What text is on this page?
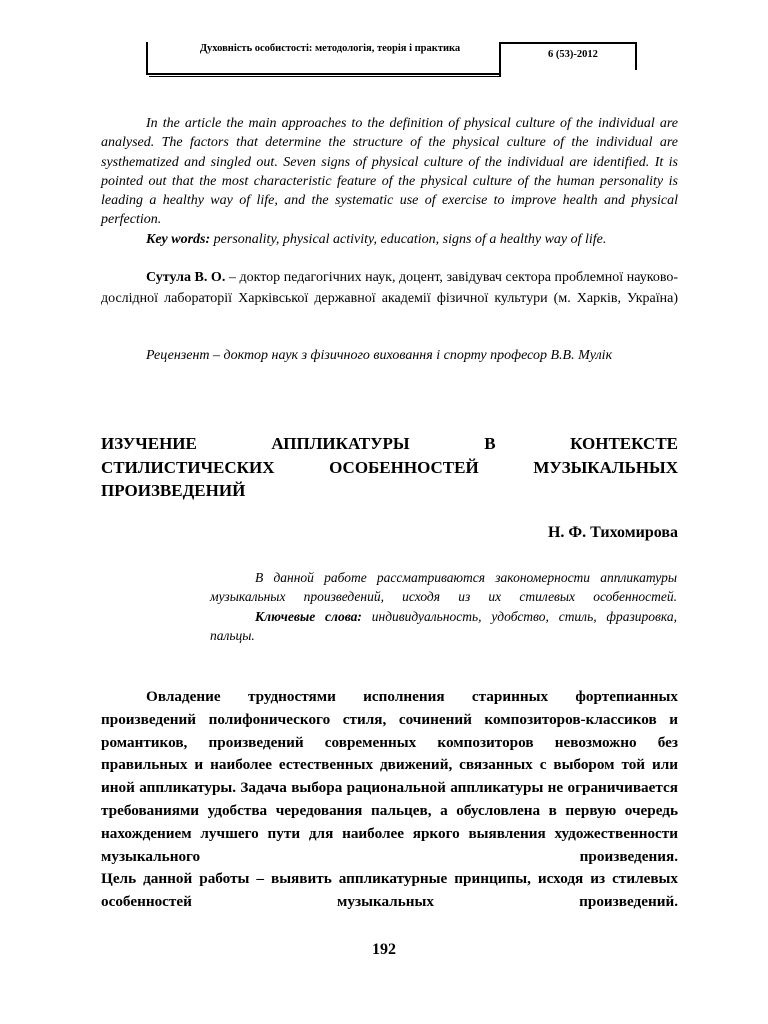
Духовність особистості: методологія, теорія і практика
6 (53)-2012

In the article the main approaches to the definition of physical culture of the individual are analysed. The factors that determine the structure of the physical culture of the individual are systhematized and singled out. Seven signs of physical culture of the individual are identified. It is pointed out that the most characteristic feature of the physical culture of the human personality is leading a healthy way of life, and the systematic use of exercise to improve health and physical perfection.

Key words: personality, physical activity, education, signs of a healthy way of life.

Сутула В. О. – доктор педагогічних наук, доцент, завідувач сектора проблемної науково-дослідної лабораторії Харківської державної академії фізичної культури (м. Харків, Україна)

Рецензент – доктор наук з фізичного виховання і спорту професор В.В. Мулік

ИЗУЧЕНИЕ АППЛИКАТУРЫ В КОНТЕКСТЕ

СТИЛИСТИЧЕСКИХ ОСОБЕННОСТЕЙ МУЗЫКАЛЬНЫХ

ПРОИЗВЕДЕНИЙ

Н. Ф. Тихомирова

В данной работе рассматриваются закономерности аппликатуры музыкальных произведений, исходя из их стилевых особенностей.

Ключевые слова: индивидуальность, удобство, стиль, фразировка, пальцы.

Овладение трудностями исполнения старинных фортепианных произведений полифонического стиля, сочинений композиторов-классиков и романтиков, произведений современных композиторов невозможно без правильных и наиболее естественных движений, связанных с выбором той или иной аппликатуры. Задача выбора рациональной аппликатуры не ограничивается требованиями удобства чередования пальцев, а обусловлена в первую очередь нахождением лучшего пути для наиболее яркого выявления художественности музыкального произведения.

Цель данной работы – выявить аппликатурные принципы, исходя из стилевых особенностей музыкальных произведений.

192
